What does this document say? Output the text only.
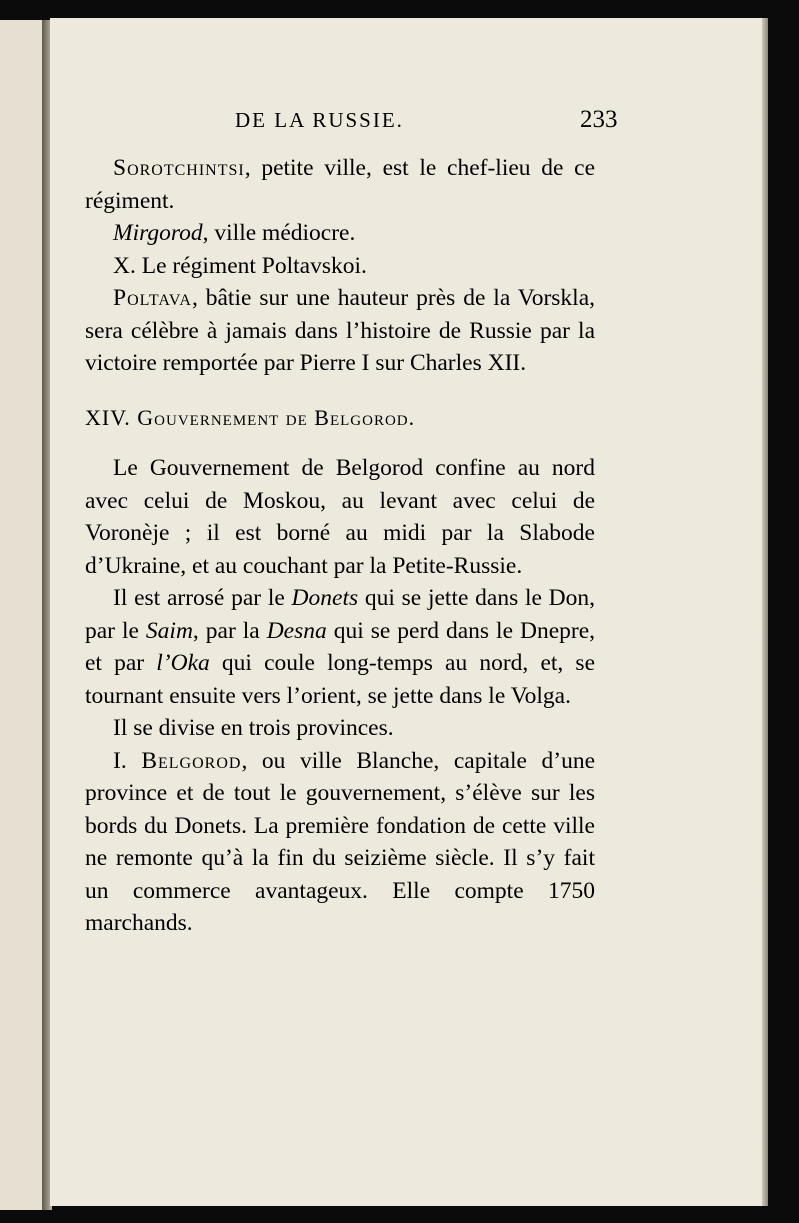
DE LA RUSSIE.	233

Sorotchintsi, petite ville, est le chef-lieu de ce régiment.

Mirgorod, ville médiocre.

X. Le régiment Poltavskoi.

Poltava, bâtie sur une hauteur près de la Vorskla, sera célèbre à jamais dans l’histoire de Russie par la victoire remportée par Pierre I sur Charles XII.

XIV. Gouvernement de Belgorod.

Le Gouvernement de Belgorod confine au nord avec celui de Moskou, au levant avec celui de Voronèje ; il est borné au midi par la Slabode d’Ukraine, et au couchant par la Petite-Russie.

Il est arrosé par le Donets qui se jette dans le Don, par le Saim, par la Desna qui se perd dans le Dnepre, et par l’Oka qui coule long-temps au nord, et, se tournant ensuite vers l’orient, se jette dans le Volga.

Il se divise en trois provinces.

I. Belgorod, ou ville Blanche, capitale d’une province et de tout le gouvernement, s’élève sur les bords du Donets. La première fondation de cette ville ne remonte qu’à la fin du seizième siècle. Il s’y fait un commerce avantageux. Elle compte 1750 marchands.
